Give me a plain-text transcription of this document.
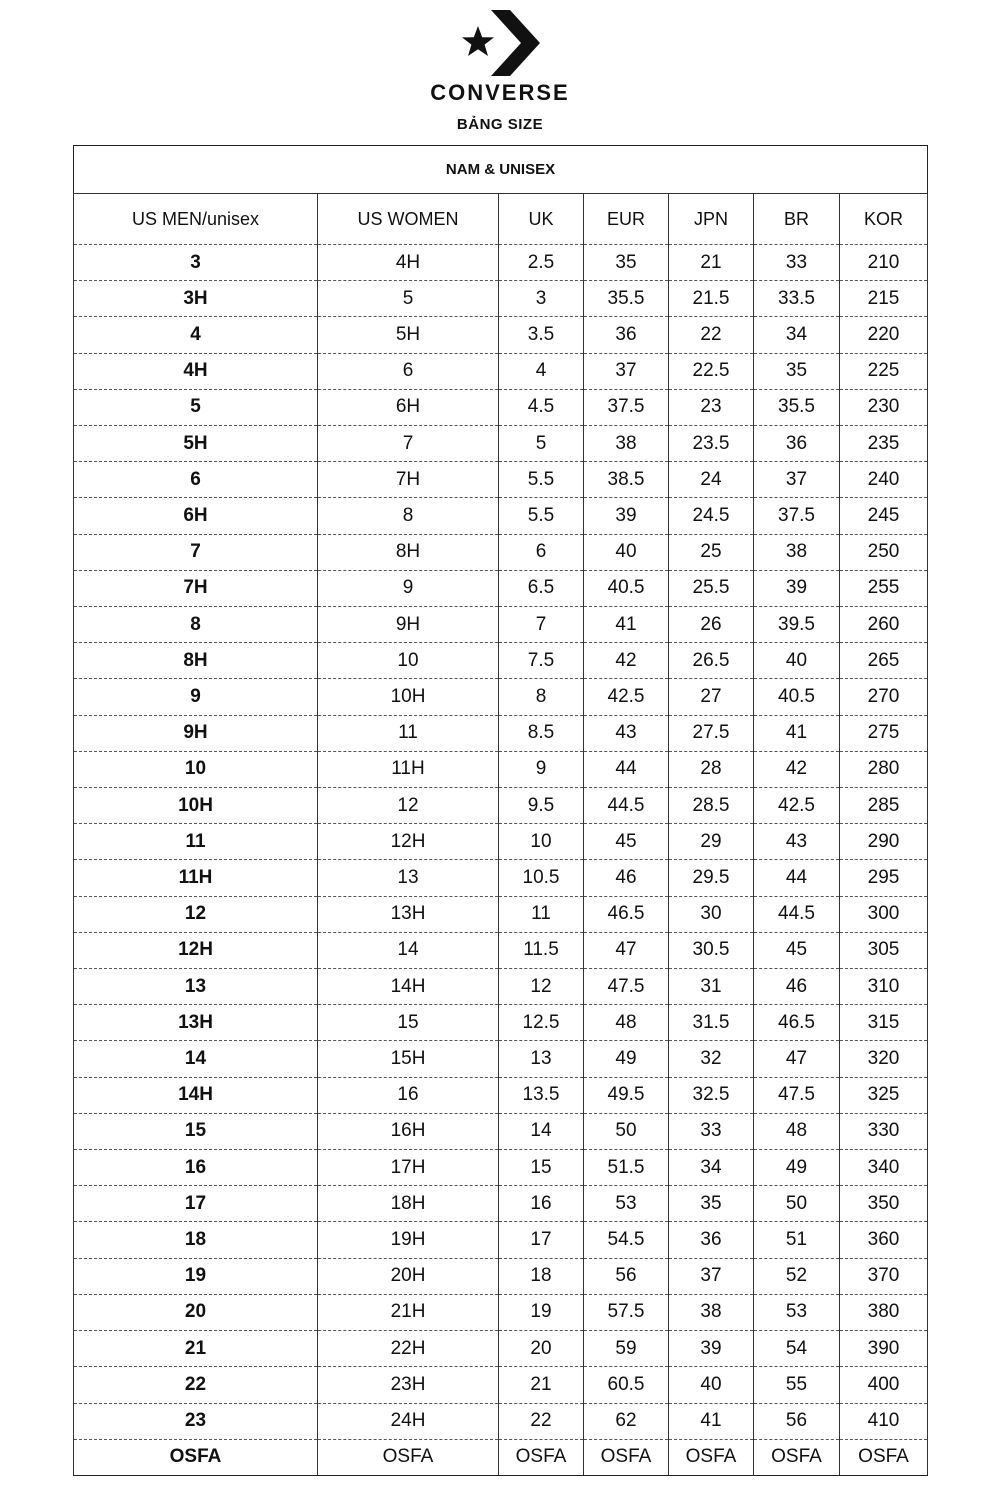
CONVERSE
BẢNG SIZE
NAM & UNISEX						
US MEN/unisex	US WOMEN	UK	EUR	JPN	BR	KOR
3	4H	2.5	35	21	33	210
3H	5	3	35.5	21.5	33.5	215
4	5H	3.5	36	22	34	220
4H	6	4	37	22.5	35	225
5	6H	4.5	37.5	23	35.5	230
5H	7	5	38	23.5	36	235
6	7H	5.5	38.5	24	37	240
6H	8	5.5	39	24.5	37.5	245
7	8H	6	40	25	38	250
7H	9	6.5	40.5	25.5	39	255
8	9H	7	41	26	39.5	260
8H	10	7.5	42	26.5	40	265
9	10H	8	42.5	27	40.5	270
9H	11	8.5	43	27.5	41	275
10	11H	9	44	28	42	280
10H	12	9.5	44.5	28.5	42.5	285
11	12H	10	45	29	43	290
11H	13	10.5	46	29.5	44	295
12	13H	11	46.5	30	44.5	300
12H	14	11.5	47	30.5	45	305
13	14H	12	47.5	31	46	310
13H	15	12.5	48	31.5	46.5	315
14	15H	13	49	32	47	320
14H	16	13.5	49.5	32.5	47.5	325
15	16H	14	50	33	48	330
16	17H	15	51.5	34	49	340
17	18H	16	53	35	50	350
18	19H	17	54.5	36	51	360
19	20H	18	56	37	52	370
20	21H	19	57.5	38	53	380
21	22H	20	59	39	54	390
22	23H	21	60.5	40	55	400
23	24H	22	62	41	56	410
OSFA	OSFA	OSFA	OSFA	OSFA	OSFA	OSFA
